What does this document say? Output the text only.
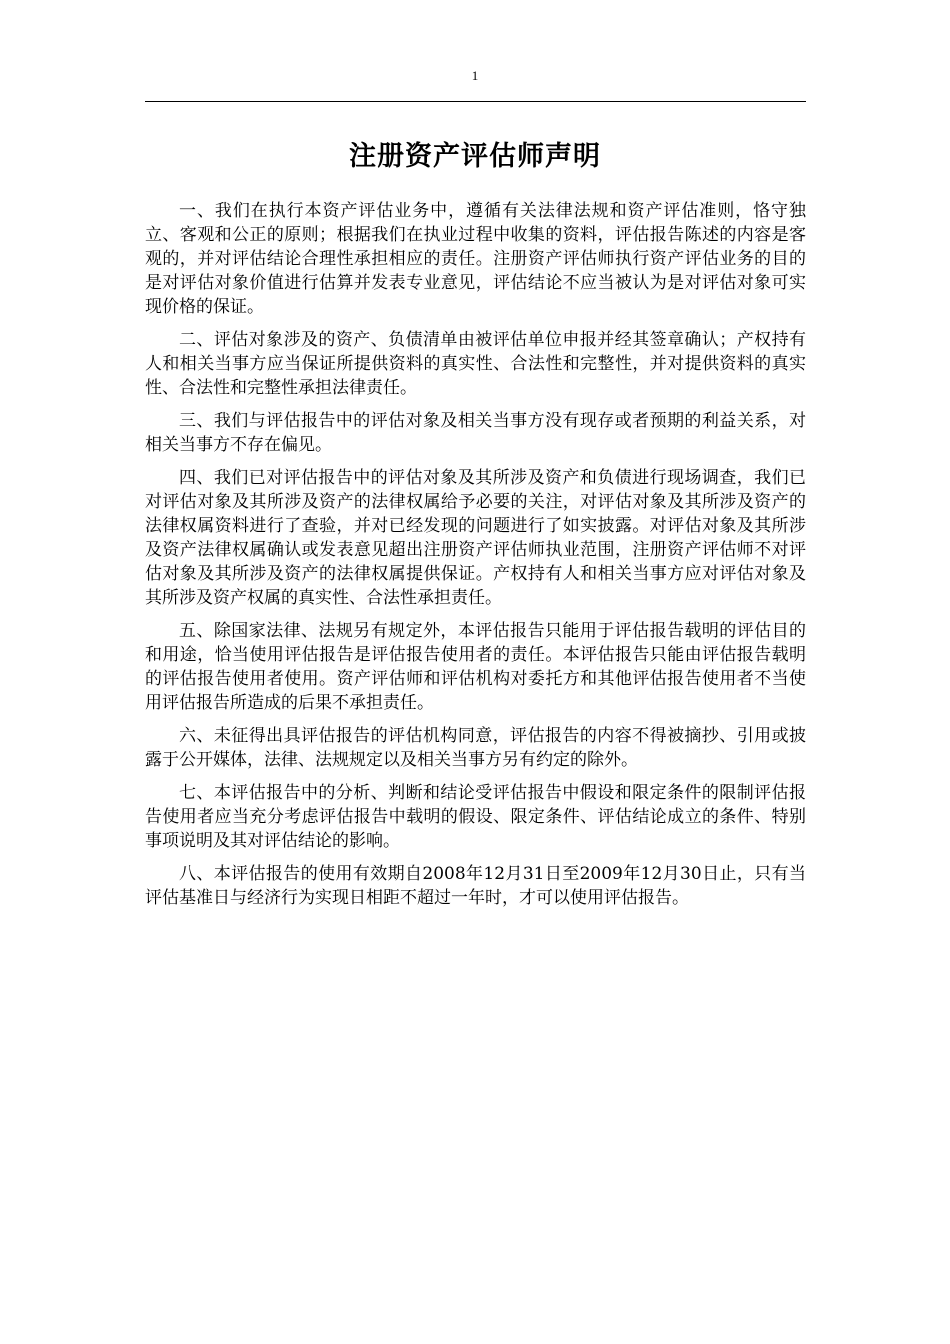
1
注册资产评估师声明

一、我们在执行本资产评估业务中，遵循有关法律法规和资产评估准则，恪守独立、客观和公正的原则；根据我们在执业过程中收集的资料，评估报告陈述的内容是客观的，并对评估结论合理性承担相应的责任。注册资产评估师执行资产评估业务的目的是对评估对象价值进行估算并发表专业意见，评估结论不应当被认为是对评估对象可实现价格的保证。

二、评估对象涉及的资产、负债清单由被评估单位申报并经其签章确认；产权持有人和相关当事方应当保证所提供资料的真实性、合法性和完整性，并对提供资料的真实性、合法性和完整性承担法律责任。

三、我们与评估报告中的评估对象及相关当事方没有现存或者预期的利益关系，对相关当事方不存在偏见。

四、我们已对评估报告中的评估对象及其所涉及资产和负债进行现场调查，我们已对评估对象及其所涉及资产的法律权属给予必要的关注，对评估对象及其所涉及资产的法律权属资料进行了查验，并对已经发现的问题进行了如实披露。对评估对象及其所涉及资产法律权属确认或发表意见超出注册资产评估师执业范围，注册资产评估师不对评估对象及其所涉及资产的法律权属提供保证。产权持有人和相关当事方应对评估对象及其所涉及资产权属的真实性、合法性承担责任。

五、除国家法律、法规另有规定外，本评估报告只能用于评估报告载明的评估目的和用途，恰当使用评估报告是评估报告使用者的责任。本评估报告只能由评估报告载明的评估报告使用者使用。资产评估师和评估机构对委托方和其他评估报告使用者不当使用评估报告所造成的后果不承担责任。

六、未征得出具评估报告的评估机构同意，评估报告的内容不得被摘抄、引用或披露于公开媒体，法律、法规规定以及相关当事方另有约定的除外。

七、本评估报告中的分析、判断和结论受评估报告中假设和限定条件的限制评估报告使用者应当充分考虑评估报告中载明的假设、限定条件、评估结论成立的条件、特别事项说明及其对评估结论的影响。

八、本评估报告的使用有效期自2008年12月31日至2009年12月30日止，只有当评估基准日与经济行为实现日相距不超过一年时，才可以使用评估报告。
